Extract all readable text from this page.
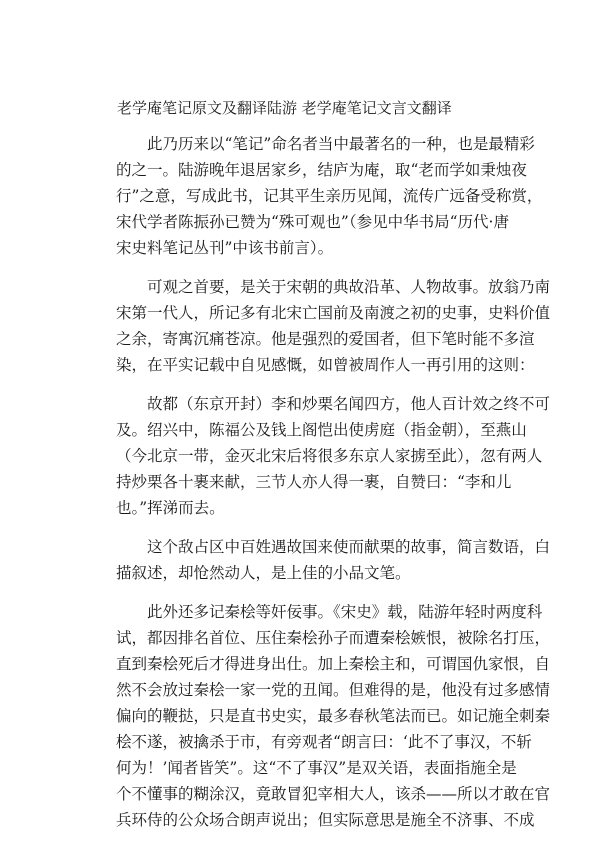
老学庵笔记原文及翻译陆游 老学庵笔记文言文翻译

此乃历来以“笔记”命名者当中最著名的一种，也是最精彩
的之一。陆游晚年退居家乡，结庐为庵，取“老而学如秉烛夜
行”之意，写成此书，记其平生亲历见闻，流传广远备受称赏，
宋代学者陈振孙已赞为“殊可观也”（参见中华书局“历代·唐
宋史料笔记丛刊”中该书前言）。

可观之首要，是关于宋朝的典故沿革、人物故事。放翁乃南
宋第一代人，所记多有北宋亡国前及南渡之初的史事，史料价值
之余，寄寓沉痛苍凉。他是强烈的爱国者，但下笔时能不多渲
染，在平实记载中自见感慨，如曾被周作人一再引用的这则：

故都（东京开封）李和炒栗名闻四方，他人百计效之终不可
及。绍兴中，陈福公及钱上阁恺出使虏庭（指金朝），至燕山
（今北京一带，金灭北宋后将很多东京人家掳至此），忽有两人
持炒栗各十裹来献，三节人亦人得一裹，自赞曰：“李和儿
也。”挥涕而去。

这个敌占区中百姓遇故国来使而献栗的故事，简言数语，白
描叙述，却怆然动人，是上佳的小品文笔。

此外还多记秦桧等奸佞事。《宋史》载，陆游年轻时两度科
试，都因排名首位、压住秦桧孙子而遭秦桧嫉恨，被除名打压，
直到秦桧死后才得进身出仕。加上秦桧主和，可谓国仇家恨，自
然不会放过秦桧一家一党的丑闻。但难得的是，他没有过多感情
偏向的鞭挞，只是直书史实，最多春秋笔法而已。如记施全刺秦
桧不遂，被擒杀于市，有旁观者“朗言曰：‘此不了事汉，不斩
何为！’闻者皆笑”。这“不了事汉”是双关语，表面指施全是
个不懂事的糊涂汉，竟敢冒犯宰相大人，该杀——所以才敢在官
兵环侍的公众场合朗声说出；但实际意思是施全不济事、不成
